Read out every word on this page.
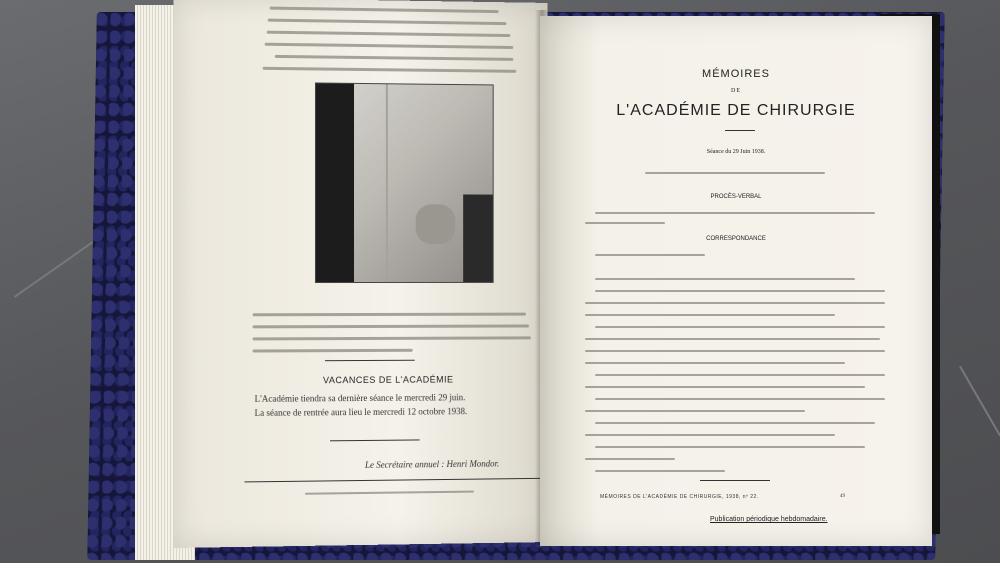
VACANCES DE L'ACADÉMIE
L'Académie tiendra sa dernière séance le mercredi 29 juin.
La séance de rentrée aura lieu le mercredi 12 octobre 1938.
Le Secrétaire annuel : Henri Mondor.
MÉMOIRES
DE
L'ACADÉMIE DE CHIRURGIE
Séance du 29 Juin 1938.
PROCÈS-VERBAL
CORRESPONDANCE
MÉMOIRES DE L'ACADÉMIE DE CHIRURGIE, 1938, nº 22.	49
Publication périodique hebdomadaire.
